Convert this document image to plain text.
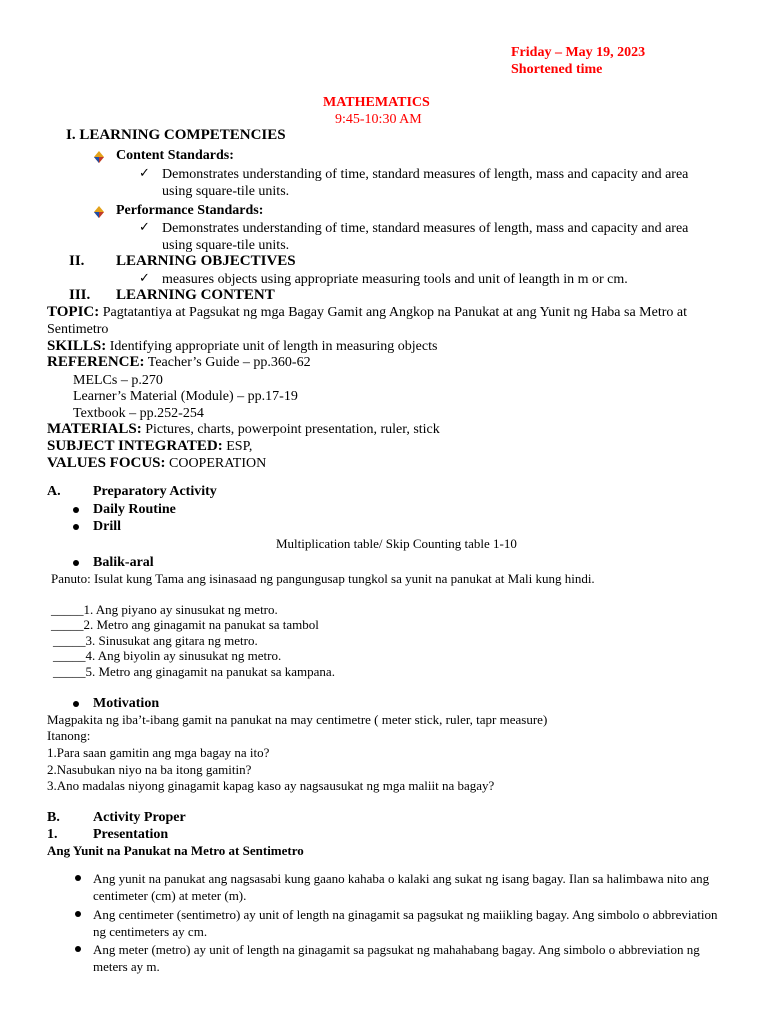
Friday – May 19, 2023
Shortened time
MATHEMATICS
9:45-10:30 AM
I. LEARNING COMPETENCIES
Content Standards:
✓ Demonstrates understanding of time, standard measures of length, mass and capacity and area using square-tile units.
Performance Standards:
✓ Demonstrates understanding of time, standard measures of length, mass and capacity and area using square-tile units.
II. LEARNING OBJECTIVES
✓ measures objects using appropriate measuring tools and unit of leangth in m or cm.
III. LEARNING CONTENT
TOPIC: Pagtatantiya at Pagsukat ng mga Bagay Gamit ang Angkop na Panukat at ang Yunit ng Haba sa Metro at Sentimetro
SKILLS: Identifying appropriate unit of length in measuring objects
REFERENCE: Teacher’s Guide – pp.360-62
MELCs – p.270
Learner’s Material (Module) – pp.17-19
Textbook – pp.252-254
MATERIALS: Pictures, charts, powerpoint presentation, ruler, stick
SUBJECT INTEGRATED: ESP,
VALUES FOCUS: COOPERATION
A. Preparatory Activity
Daily Routine
Drill
Multiplication table/ Skip Counting table 1-10
Balik-aral
Panuto: Isulat kung Tama ang isinasaad ng pangungusap tungkol sa yunit na panukat at Mali kung hindi.
_____1. Ang piyano ay sinusukat ng metro.
_____2. Metro ang ginagamit na panukat sa tambol
_____3. Sinusukat ang gitara ng metro.
_____4. Ang biyolin ay sinusukat ng metro.
_____5. Metro ang ginagamit na panukat sa kampana.
Motivation
Magpakita ng iba’t-ibang gamit na panukat na may centimetre ( meter stick, ruler, tapr measure)
Itanong:
1.Para saan gamitin ang mga bagay na ito?
2.Nasubukan niyo na ba itong gamitin?
3.Ano madalas niyong ginagamit kapag kaso ay nagsausukat ng mga maliit na bagay?
B. Activity Proper
1.	Presentation
Ang Yunit na Panukat na Metro at Sentimetro
Ang yunit na panukat ang nagsasabi kung gaano kahaba o kalaki ang sukat ng isang bagay. Ilan sa halimbawa nito ang centimeter (cm) at meter (m).
Ang centimeter (sentimetro) ay unit of length na ginagamit sa pagsukat ng maiikling bagay. Ang simbolo o abbreviation ng centimeters ay cm.
Ang meter (metro) ay unit of length na ginagamit sa pagsukat ng mahahabang bagay. Ang simbolo o abbreviation ng meters ay m.
